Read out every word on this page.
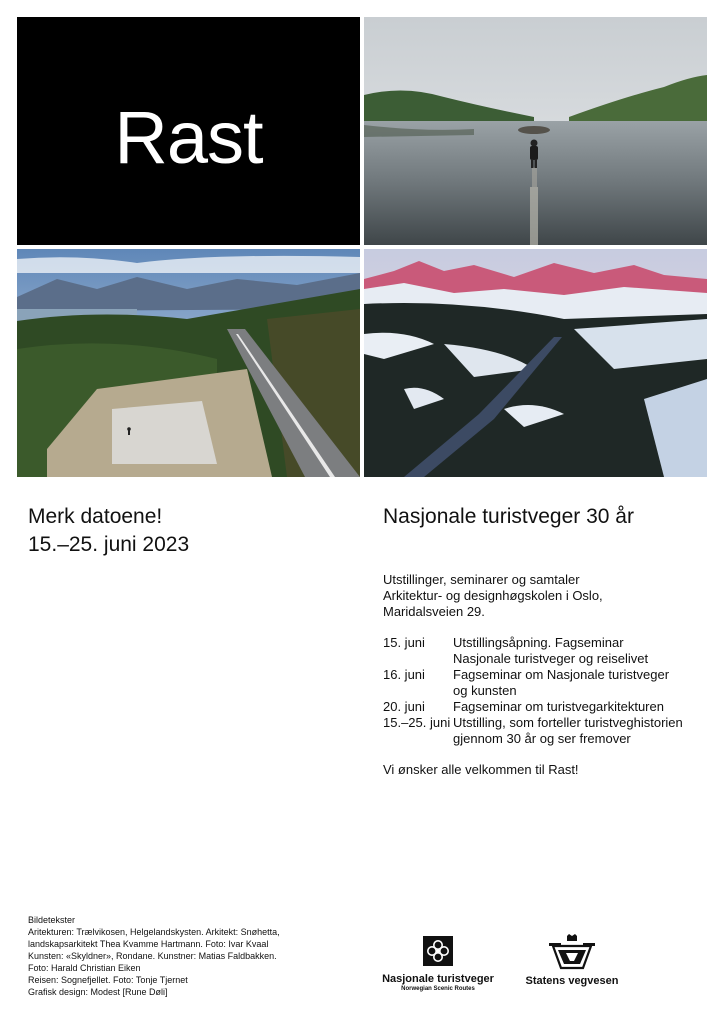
Rast
Merk datoene!
15.–25. juni 2023
Nasjonale turistveger 30 år
Utstillinger, seminarer og samtaler
Arkitektur- og designhøgskolen i Oslo,
Maridalsveien 29.
15. juni	Utstillingsåpning. Fagseminar
Nasjonale turistveger og reiselivet
16. juni	Fagseminar om Nasjonale turistveger
og kunsten
20. juni	Fagseminar om turistvegarkitekturen
15.–25. juni Utstilling, som forteller turistveghistorien
gjennom 30 år og ser fremover
Vi ønsker alle velkommen til Rast!
Bildetekster
Aritekturen: Trælvikosen, Helgelandskysten. Arkitekt: Snøhetta,
landskapsarkitekt Thea Kvamme Hartmann. Foto: Ivar Kvaal
Kunsten: «Skyldner», Rondane. Kunstner: Matias Faldbakken.
Foto: Harald Christian Eiken
Reisen: Sognefjellet. Foto: Tonje Tjernet
Grafisk design: Modest [Rune Døli]
Nasjonale turistveger
Norwegian Scenic Routes
Statens vegvesen
